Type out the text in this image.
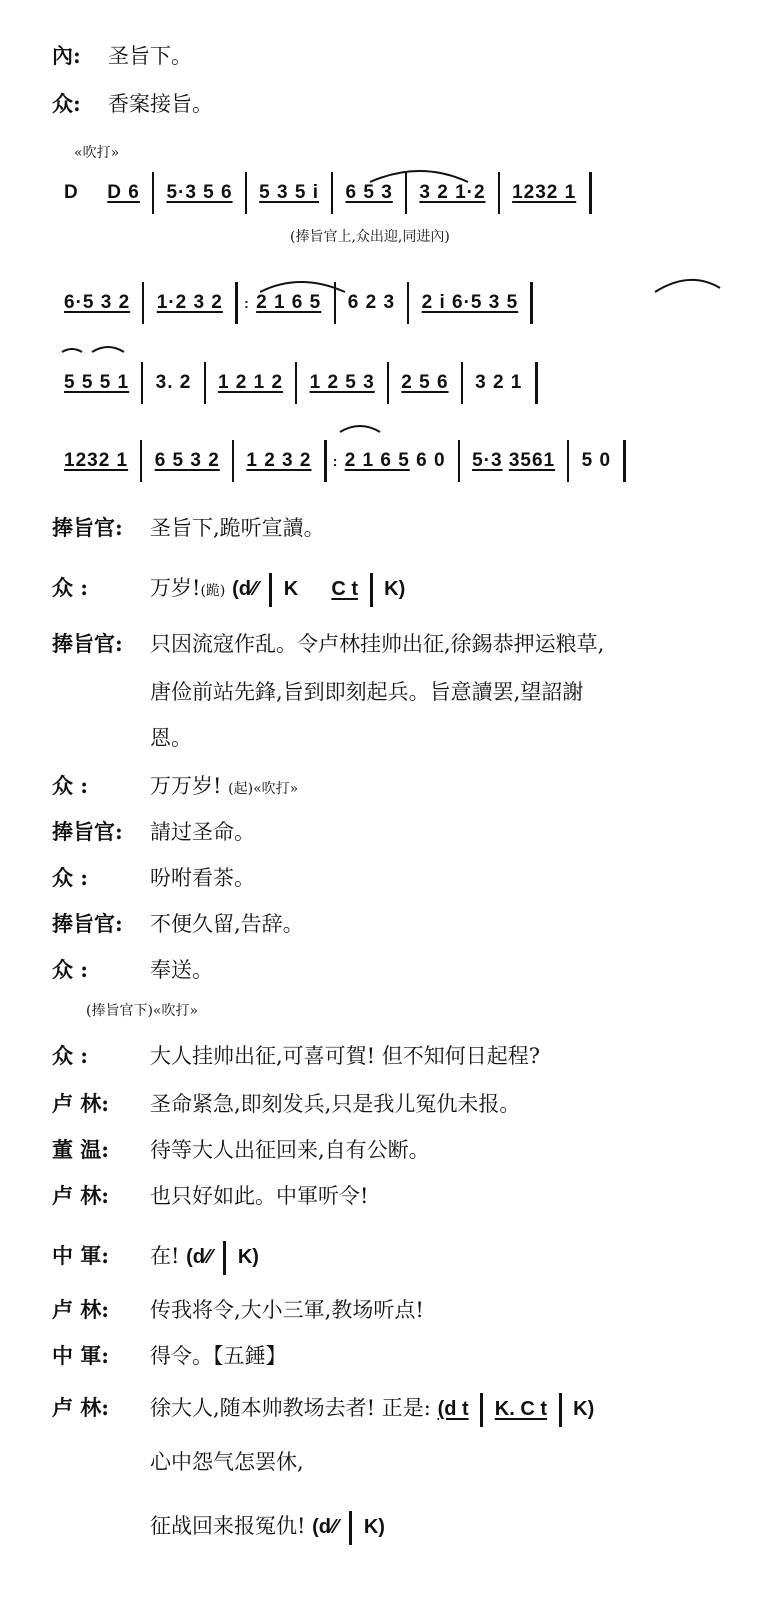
內: 圣旨下。
众: 香案接旨。
«吹打»
D D 6 5·3 5 6 5 3 5 i 6 5 3 3 2 1·2 1232 1
(捧旨官上,众出迎,同进內)
6·5 3 2 1·2 3 2 : 2 1 6 5 6 2 3 2 i 6·5 3 5
5 5 5 1 3. 2 1 2 1 2 1 2 5 3 2 5 6 3 2 1
1232 1 6 5 3 2 1 2 3 2 : 2 1 6 5 6 0 5·3 3561 5 0
捧旨官: 圣旨下,跪听宣讀。
众 :	万岁!(跪) (d⁄⁄ K C t K)
捧旨官: 只因流寇作乱。令卢林挂帅出征,徐錫恭押运粮草,
唐俭前站先鋒,旨到即刻起兵。旨意讀罢,望詔謝
恩。
众 :	万万岁! (起)«吹打»
捧旨官: 請过圣命。
众 :	吩咐看茶。
捧旨官: 不便久留,告辞。
众 :	奉送。
(捧旨官下)«吹打»
众 :	大人挂帅出征,可喜可賀! 但不知何日起程?
卢 林: 圣命紧急,即刻发兵,只是我儿冤仇未报。
董 温: 待等大人出征回来,自有公断。
卢 林: 也只好如此。中軍听令!
中 軍: 在! (d⁄⁄ K)
卢 林: 传我将令,大小三軍,教场听点!
中 軍: 得令。【五錘】
卢 林: 徐大人,随本帅教场去者! 正是: (d t K. C t K)
心中怨气怎罢休,
征战回来报冤仇! (d⁄⁄ K)
